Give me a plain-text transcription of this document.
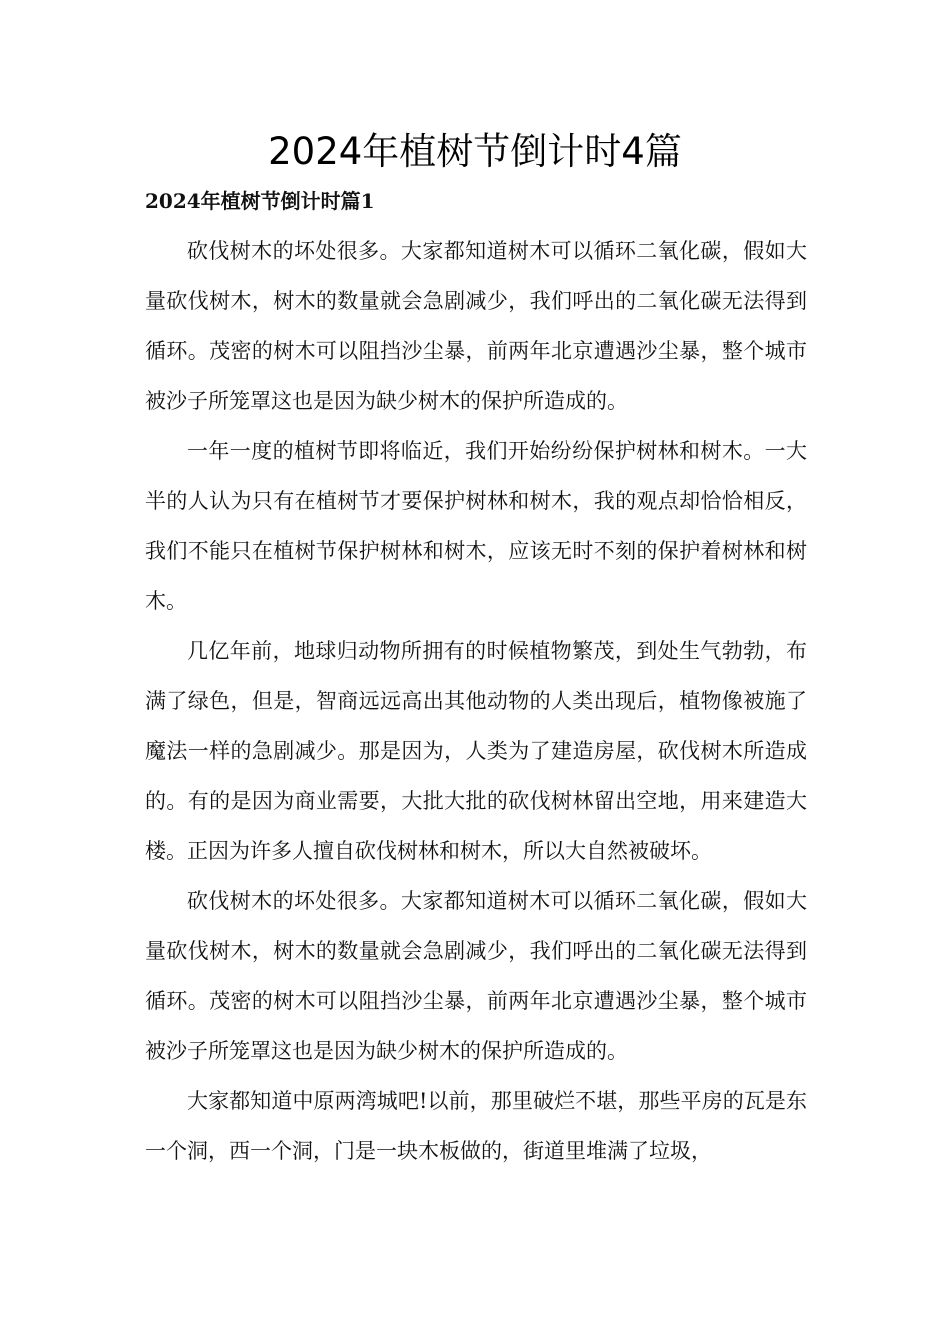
2024年植树节倒计时4篇
2024年植树节倒计时篇1

砍伐树木的坏处很多。大家都知道树木可以循环二氧化碳，假如大量砍伐树木，树木的数量就会急剧减少，我们呼出的二氧化碳无法得到循环。茂密的树木可以阻挡沙尘暴，前两年北京遭遇沙尘暴，整个城市被沙子所笼罩这也是因为缺少树木的保护所造成的。

一年一度的植树节即将临近，我们开始纷纷保护树林和树木。一大半的人认为只有在植树节才要保护树林和树木，我的观点却恰恰相反，我们不能只在植树节保护树林和树木，应该无时不刻的保护着树林和树木。

几亿年前，地球归动物所拥有的时候植物繁茂，到处生气勃勃，布满了绿色，但是，智商远远高出其他动物的人类出现后，植物像被施了魔法一样的急剧减少。那是因为，人类为了建造房屋，砍伐树木所造成的。有的是因为商业需要，大批大批的砍伐树林留出空地，用来建造大楼。正因为许多人擅自砍伐树林和树木，所以大自然被破坏。

砍伐树木的坏处很多。大家都知道树木可以循环二氧化碳，假如大量砍伐树木，树木的数量就会急剧减少，我们呼出的二氧化碳无法得到循环。茂密的树木可以阻挡沙尘暴，前两年北京遭遇沙尘暴，整个城市被沙子所笼罩这也是因为缺少树木的保护所造成的。

大家都知道中原两湾城吧!以前，那里破烂不堪，那些平房的瓦是东一个洞，西一个洞，门是一块木板做的，街道里堆满了垃圾，
